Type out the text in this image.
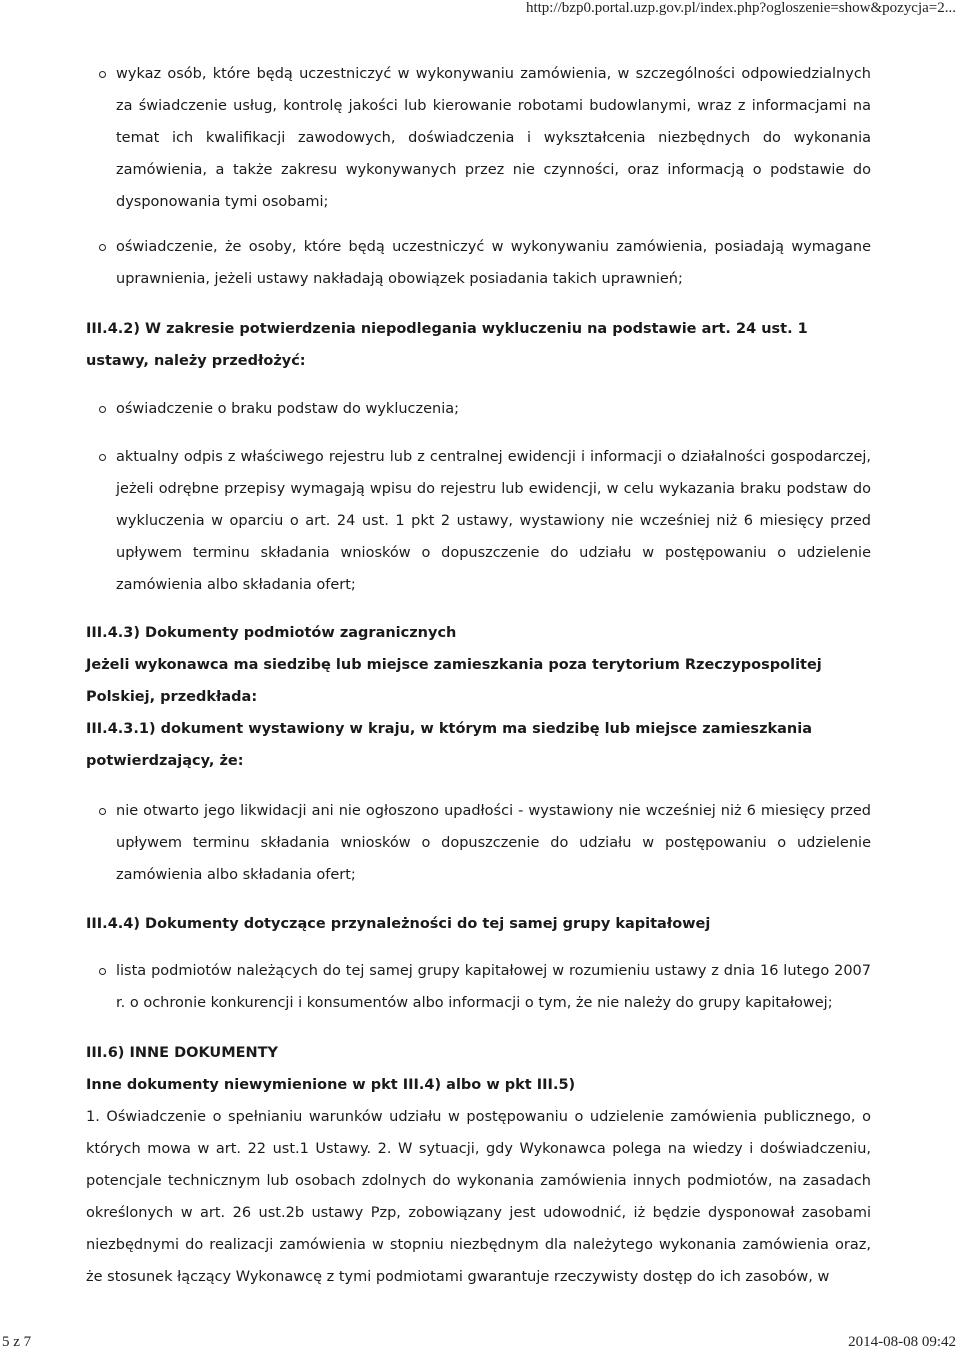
http://bzp0.portal.uzp.gov.pl/index.php?ogloszenie=show&pozycja=2...
wykaz osób, które będą uczestniczyć w wykonywaniu zamówienia, w szczególności odpowiedzialnych za świadczenie usług, kontrolę jakości lub kierowanie robotami budowlanymi, wraz z informacjami na temat ich kwalifikacji zawodowych, doświadczenia i wykształcenia niezbędnych do wykonania zamówienia, a także zakresu wykonywanych przez nie czynności, oraz informacją o podstawie do dysponowania tymi osobami;
oświadczenie, że osoby, które będą uczestniczyć w wykonywaniu zamówienia, posiadają wymagane uprawnienia, jeżeli ustawy nakładają obowiązek posiadania takich uprawnień;
III.4.2) W zakresie potwierdzenia niepodlegania wykluczeniu na podstawie art. 24 ust. 1 ustawy, należy przedłożyć:
oświadczenie o braku podstaw do wykluczenia;
aktualny odpis z właściwego rejestru lub z centralnej ewidencji i informacji o działalności gospodarczej, jeżeli odrębne przepisy wymagają wpisu do rejestru lub ewidencji, w celu wykazania braku podstaw do wykluczenia w oparciu o art. 24 ust. 1 pkt 2 ustawy, wystawiony nie wcześniej niż 6 miesięcy przed upływem terminu składania wniosków o dopuszczenie do udziału w postępowaniu o udzielenie zamówienia albo składania ofert;
III.4.3) Dokumenty podmiotów zagranicznych
Jeżeli wykonawca ma siedzibę lub miejsce zamieszkania poza terytorium Rzeczypospolitej Polskiej, przedkłada:
III.4.3.1) dokument wystawiony w kraju, w którym ma siedzibę lub miejsce zamieszkania potwierdzający, że:
nie otwarto jego likwidacji ani nie ogłoszono upadłości - wystawiony nie wcześniej niż 6 miesięcy przed upływem terminu składania wniosków o dopuszczenie do udziału w postępowaniu o udzielenie zamówienia albo składania ofert;
III.4.4) Dokumenty dotyczące przynależności do tej samej grupy kapitałowej
lista podmiotów należących do tej samej grupy kapitałowej w rozumieniu ustawy z dnia 16 lutego 2007 r. o ochronie konkurencji i konsumentów albo informacji o tym, że nie należy do grupy kapitałowej;
III.6) INNE DOKUMENTY
Inne dokumenty niewymienione w pkt III.4) albo w pkt III.5)
1. Oświadczenie o spełnianiu warunków udziału w postępowaniu o udzielenie zamówienia publicznego, o których mowa w art. 22 ust.1 Ustawy. 2. W sytuacji, gdy Wykonawca polega na wiedzy i doświadczeniu, potencjale technicznym lub osobach zdolnych do wykonania zamówienia innych podmiotów, na zasadach określonych w art. 26 ust.2b ustawy Pzp, zobowiązany jest udowodnić, iż będzie dysponował zasobami niezbędnymi do realizacji zamówienia w stopniu niezbędnym dla należytego wykonania zamówienia oraz, że stosunek łączący Wykonawcę z tymi podmiotami gwarantuje rzeczywisty dostęp do ich zasobów, w
5 z 7	2014-08-08 09:42
